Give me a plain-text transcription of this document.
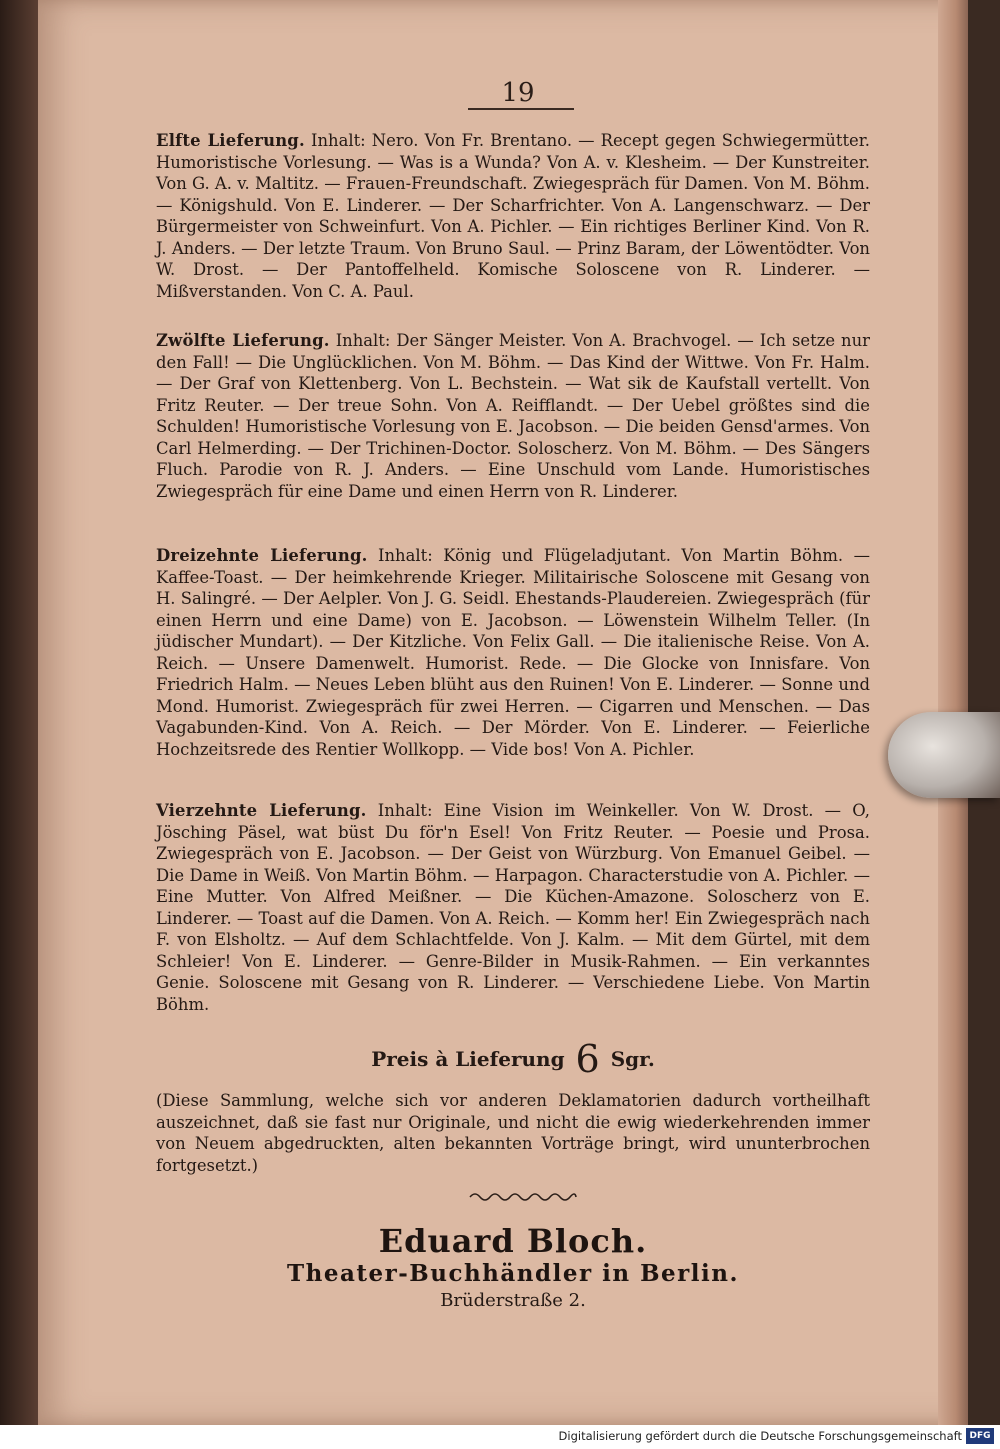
19
Elfte Lieferung. Inhalt: Nero. Von Fr. Brentano. — Recept gegen Schwiegermütter. Humoristische Vorlesung. — Was is a Wunda? Von A. v. Klesheim. — Der Kunstreiter. Von G. A. v. Maltitz. — Frauen-Freundschaft. Zwiegespräch für Damen. Von M. Böhm. — Königshuld. Von E. Linderer. — Der Scharfrichter. Von A. Langenschwarz. — Der Bürgermeister von Schweinfurt. Von A. Pichler. — Ein richtiges Berliner Kind. Von R. J. Anders. — Der letzte Traum. Von Bruno Saul. — Prinz Baram, der Löwentödter. Von W. Drost. — Der Pantoffelheld. Komische Soloscene von R. Linderer. — Mißverstanden. Von C. A. Paul.
Zwölfte Lieferung. Inhalt: Der Sänger Meister. Von A. Brachvogel. — Ich setze nur den Fall! — Die Unglücklichen. Von M. Böhm. — Das Kind der Wittwe. Von Fr. Halm. — Der Graf von Klettenberg. Von L. Bechstein. — Wat sik de Kaufstall vertellt. Von Fritz Reuter. — Der treue Sohn. Von A. Reifflandt. — Der Uebel größtes sind die Schulden! Humoristische Vorlesung von E. Jacobson. — Die beiden Gensd'armes. Von Carl Helmerding. — Der Trichinen-Doctor. Soloscherz. Von M. Böhm. — Des Sängers Fluch. Parodie von R. J. Anders. — Eine Unschuld vom Lande. Humoristisches Zwiegespräch für eine Dame und einen Herrn von R. Linderer.
Dreizehnte Lieferung. Inhalt: König und Flügeladjutant. Von Martin Böhm. — Kaffee-Toast. — Der heimkehrende Krieger. Militairische Soloscene mit Gesang von H. Salingré. — Der Aelpler. Von J. G. Seidl. Ehestands-Plaudereien. Zwiegespräch (für einen Herrn und eine Dame) von E. Jacobson. — Löwenstein Wilhelm Teller. (In jüdischer Mundart). — Der Kitzliche. Von Felix Gall. — Die italienische Reise. Von A. Reich. — Unsere Damenwelt. Humorist. Rede. — Die Glocke von Innisfare. Von Friedrich Halm. — Neues Leben blüht aus den Ruinen! Von E. Linderer. — Sonne und Mond. Humorist. Zwiegespräch für zwei Herren. — Cigarren und Menschen. — Das Vagabunden-Kind. Von A. Reich. — Der Mörder. Von E. Linderer. — Feierliche Hochzeitsrede des Rentier Wollkopp. — Vide bos! Von A. Pichler.
Vierzehnte Lieferung. Inhalt: Eine Vision im Weinkeller. Von W. Drost. — O, Jösching Päsel, wat büst Du för'n Esel! Von Fritz Reuter. — Poesie und Prosa. Zwiegespräch von E. Jacobson. — Der Geist von Würzburg. Von Emanuel Geibel. — Die Dame in Weiß. Von Martin Böhm. — Harpagon. Characterstudie von A. Pichler. — Eine Mutter. Von Alfred Meißner. — Die Küchen-Amazone. Soloscherz von E. Linderer. — Toast auf die Damen. Von A. Reich. — Komm her! Ein Zwiegespräch nach F. von Elsholtz. — Auf dem Schlachtfelde. Von J. Kalm. — Mit dem Gürtel, mit dem Schleier! Von E. Linderer. — Genre-Bilder in Musik-Rahmen. — Ein verkanntes Genie. Soloscene mit Gesang von R. Linderer. — Verschiedene Liebe. Von Martin Böhm.
Preis à Lieferung 6 Sgr.
(Diese Sammlung, welche sich vor anderen Deklamatorien dadurch vortheilhaft auszeichnet, daß sie fast nur Originale, und nicht die ewig wiederkehrenden immer von Neuem abgedruckten, alten bekannten Vorträge bringt, wird ununterbrochen fortgesetzt.)
Eduard Bloch.
Theater-Buchhändler in Berlin.
Brüderstraße 2.
Digitalisierung gefördert durch die Deutsche Forschungsgemeinschaft DFG
